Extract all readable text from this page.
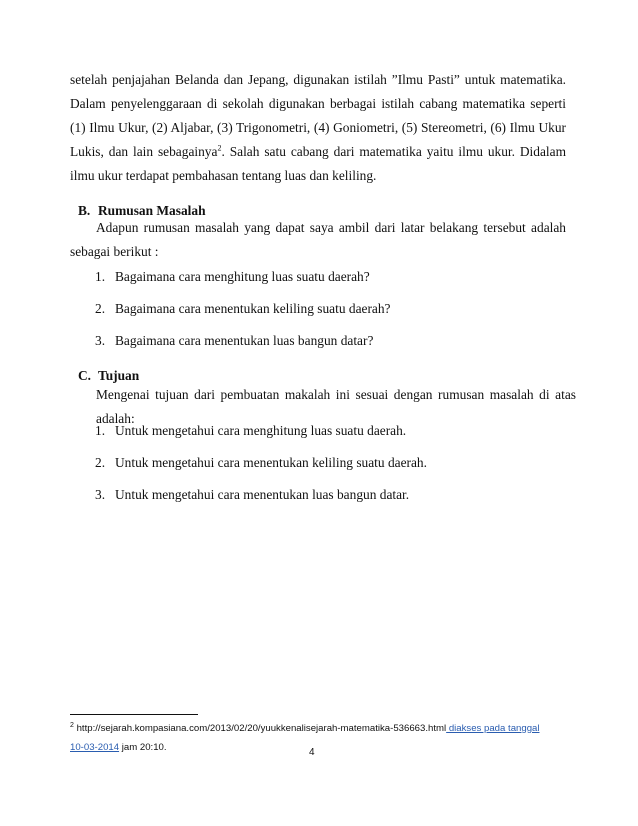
setelah penjajahan Belanda dan Jepang, digunakan istilah ”Ilmu Pasti” untuk matematika. Dalam penyelenggaraan di sekolah digunakan berbagai istilah cabang matematika seperti (1) Ilmu Ukur, (2) Aljabar, (3) Trigonometri, (4) Goniometri, (5) Stereometri, (6) Ilmu Ukur Lukis, dan lain sebagainya$^2$. Salah satu cabang dari matematika yaitu ilmu ukur. Didalam ilmu ukur terdapat pembahasan tentang luas dan keliling.

B. Rumusan Masalah

Adapun rumusan masalah yang dapat saya ambil dari latar belakang tersebut adalah sebagai berikut :

1. Bagaimana cara menghitung luas suatu daerah?
2. Bagaimana cara menentukan keliling suatu daerah?
3. Bagaimana cara menentukan luas bangun datar?
C. Tujuan

Mengenai tujuan dari pembuatan makalah ini sesuai dengan rumusan masalah di atas adalah:

1. Untuk mengetahui cara menghitung luas suatu daerah.
2. Untuk mengetahui cara menentukan keliling suatu daerah.
3. Untuk mengetahui cara menentukan luas bangun datar.
$^2$ http://sejarah.kompasiana.com/2013/02/20/yuukkenalisejarah-matematika-536663.html diakses pada tanggal
10-03-2014 jam 20:10.	4
